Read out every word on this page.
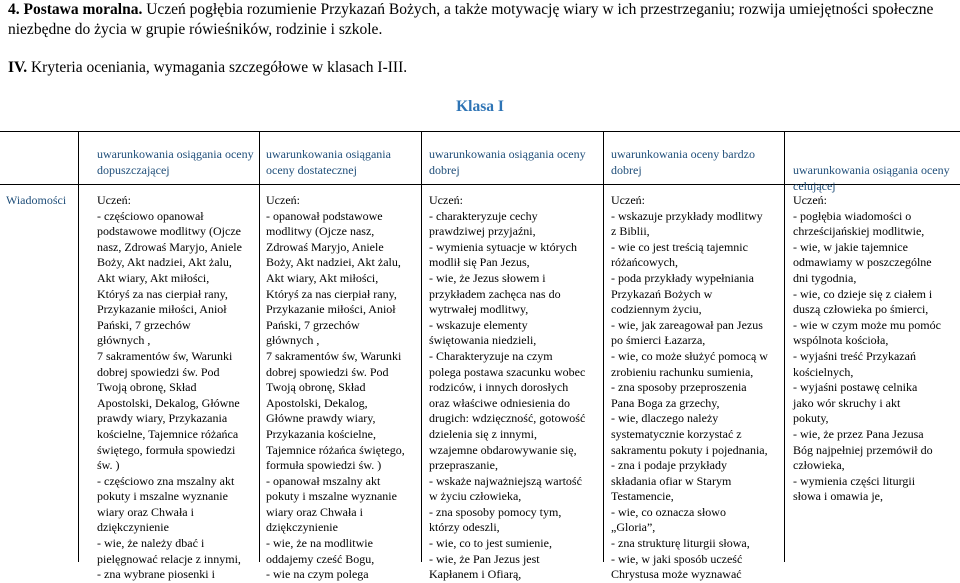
4. Postawa moralna. Uczeń pogłębia rozumienie Przykazań Bożych, a także motywację wiary w ich przestrzeganiu; rozwija umiejętności społeczne niezbędne do życia w grupie rówieśników, rodzinie i szkole.
IV. Kryteria oceniania, wymagania szczegółowe w klasach I-III.
Klasa I
Wiadomości
uwarunkowania osiągania oceny dopuszczającej
Uczeń:
- częściowo opanował
podstawowe modlitwy (Ojcze
nasz, Zdrowaś Maryjo, Aniele
Boży, Akt nadziei, Akt żalu,
Akt wiary, Akt miłości,
Któryś za nas cierpiał rany,
Przykazanie miłości, Anioł
Pański, 7 grzechów
głównych ,
7 sakramentów św, Warunki
dobrej spowiedzi św. Pod
Twoją obronę, Skład
Apostolski, Dekalog, Główne
prawdy wiary, Przykazania
kościelne, Tajemnice różańca
świętego, formuła spowiedzi
św. )
- częściowo zna mszalny akt
pokuty i mszalne wyznanie
wiary oraz Chwała i
dziękczynienie
- wie, że należy dbać i
pielęgnować relacje z innymi,
- zna wybrane piosenki i
uwarunkowania osiągania oceny dostatecznej
Uczeń:
- opanował podstawowe
modlitwy (Ojcze nasz,
Zdrowaś Maryjo, Aniele
Boży, Akt nadziei, Akt żalu,
Akt wiary, Akt miłości,
Któryś za nas cierpiał rany,
Przykazanie miłości, Anioł
Pański, 7 grzechów
głównych ,
7 sakramentów św, Warunki
dobrej spowiedzi św. Pod
Twoją obronę, Skład
Apostolski, Dekalog,
Główne prawdy wiary,
Przykazania kościelne,
Tajemnice różańca świętego,
formuła spowiedzi św. )
- opanował mszalny akt
pokuty i mszalne wyznanie
wiary oraz Chwała i
dziękczynienie
- wie, że na modlitwie
oddajemy cześć Bogu,
- wie na czym polega
uwarunkowania osiągania oceny dobrej
Uczeń:
- charakteryzuje cechy
prawdziwej przyjaźni,
- wymienia sytuacje w których
modlił się Pan Jezus,
- wie, że Jezus słowem i
przykładem zachęca nas do
wytrwałej modlitwy,
- wskazuje elementy
świętowania niedzieli,
- Charakteryzuje na czym
polega postawa szacunku wobec
rodziców, i innych dorosłych
oraz właściwe odniesienia do
drugich: wdzięczność, gotowość
dzielenia się z innymi,
wzajemne obdarowywanie się,
przepraszanie,
- wskaże najważniejszą wartość
w życiu człowieka,
- zna sposoby pomocy tym,
którzy odeszli,
- wie, co to jest sumienie,
- wie, że Pan Jezus jest
Kapłanem i Ofiarą,
uwarunkowania oceny bardzo dobrej
Uczeń:
- wskazuje przykłady modlitwy
z Biblii,
- wie co jest treścią tajemnic
różańcowych,
- poda przykłady wypełniania
Przykazań Bożych w
codziennym życiu,
- wie, jak zareagował pan Jezus
po śmierci Łazarza,
- wie, co może służyć pomocą w
zrobieniu rachunku sumienia,
- zna sposoby przeproszenia
Pana Boga za grzechy,
- wie, dlaczego należy
systematycznie korzystać z
sakramentu pokuty i pojednania,
- zna i podaje przykłady
składania ofiar w Starym
Testamencie,
- wie, co oznacza słowo
„Gloria”,
- zna strukturę liturgii słowa,
- wie, w jaki sposób ucześć
Chrystusa może wyznawać
uwarunkowania osiągania oceny celującej
Uczeń:
- pogłębia wiadomości o
chrześcijańskiej modlitwie,
- wie, w jakie tajemnice
odmawiamy w poszczególne
dni tygodnia,
- wie, co dzieje się z ciałem i
duszą człowieka po śmierci,
- wie w czym może mu pomóc
wspólnota kościoła,
- wyjaśni treść Przykazań
kościelnych,
- wyjaśni postawę celnika
jako wór skruchy i akt
pokuty,
- wie, że przez Pana Jezusa
Bóg najpełniej przemówił do
człowieka,
- wymienia części liturgii
słowa i omawia je,
